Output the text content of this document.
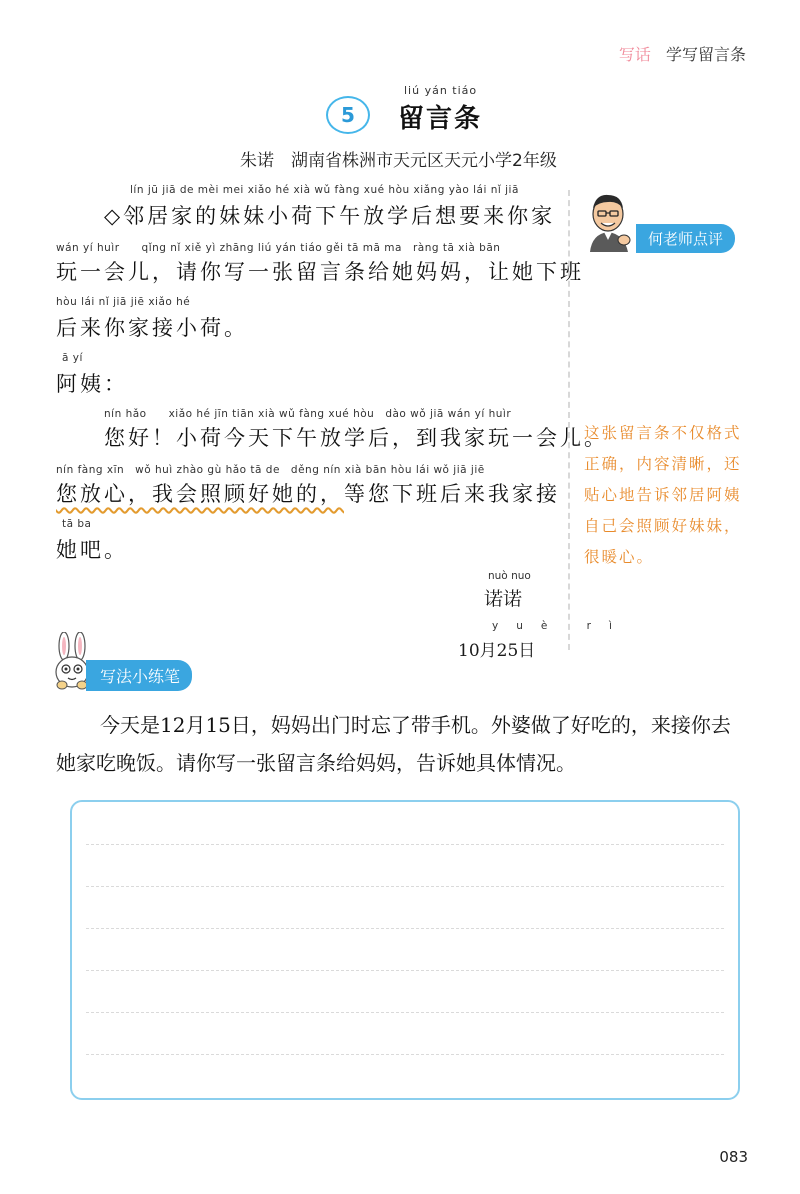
写话 学写留言条
5
liú yán tiáo
留言条
朱诺　湖南省株洲市天元区天元小学2年级
lín jū jiā de mèi mei xiǎo hé xià wǔ fàng xué hòu xiǎng yào lái nǐ jiā
◇邻居家的妹妹小荷下午放学后想要来你家
wán yí huìr　　qǐng nǐ xiě yì zhāng liú yán tiáo gěi tā mā ma　ràng tā xià bān
玩一会儿，请你写一张留言条给她妈妈，让她下班
hòu lái nǐ jiā jiē xiǎo hé
后来你家接小荷。
ā yí
阿姨：
nín hǎo　　xiǎo hé jīn tiān xià wǔ fàng xué hòu　dào wǒ jiā wán yí huìr
您好！小荷今天下午放学后，到我家玩一会儿。
nín fàng xīn　wǒ huì zhào gù hǎo tā de　děng nín xià bān hòu lái wǒ jiā jiē
您放心，我会照顾好她的，等您下班后来我家接
tā ba
她吧。
nuò nuo
诺诺
yuè rì
10月25日
何老师点评
这张留言条不仅格式正确，内容清晰，还贴心地告诉邻居阿姨自己会照顾好妹妹，很暖心。
写法小练笔
今天是12月15日，妈妈出门时忘了带手机。外婆做了好吃的，来接你去她家吃晚饭。请你写一张留言条给妈妈，告诉她具体情况。
083
